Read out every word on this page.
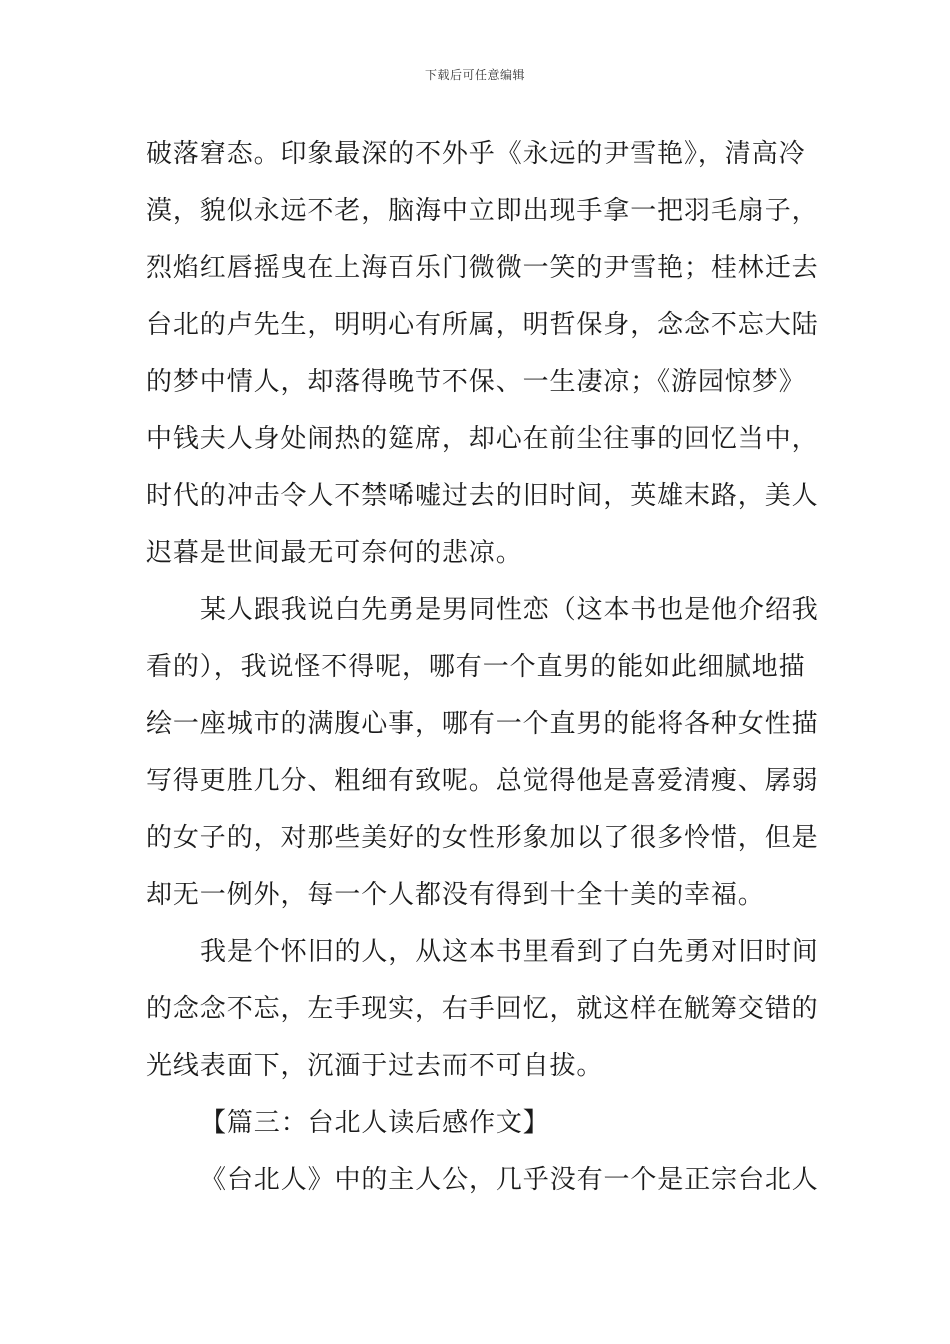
下载后可任意编辑
破落窘态。印象最深的不外乎《永远的尹雪艳》，清高冷
漠，貌似永远不老，脑海中立即出现手拿一把羽毛扇子，
烈焰红唇摇曳在上海百乐门微微一笑的尹雪艳；桂林迁去
台北的卢先生，明明心有所属，明哲保身，念念不忘大陆
的梦中情人，却落得晚节不保、一生凄凉；《游园惊梦》
中钱夫人身处闹热的筵席，却心在前尘往事的回忆当中，
时代的冲击令人不禁唏嘘过去的旧时间，英雄末路，美人
迟暮是世间最无可奈何的悲凉。
某人跟我说白先勇是男同性恋（这本书也是他介绍我
看的），我说怪不得呢，哪有一个直男的能如此细腻地描
绘一座城市的满腹心事，哪有一个直男的能将各种女性描
写得更胜几分、粗细有致呢。总觉得他是喜爱清瘦、孱弱
的女子的，对那些美好的女性形象加以了很多怜惜，但是
却无一例外，每一个人都没有得到十全十美的幸福。
我是个怀旧的人，从这本书里看到了白先勇对旧时间
的念念不忘，左手现实，右手回忆，就这样在觥筹交错的
光线表面下，沉湎于过去而不可自拔。
【篇三：台北人读后感作文】
《台北人》中的主人公，几乎没有一个是正宗台北人
